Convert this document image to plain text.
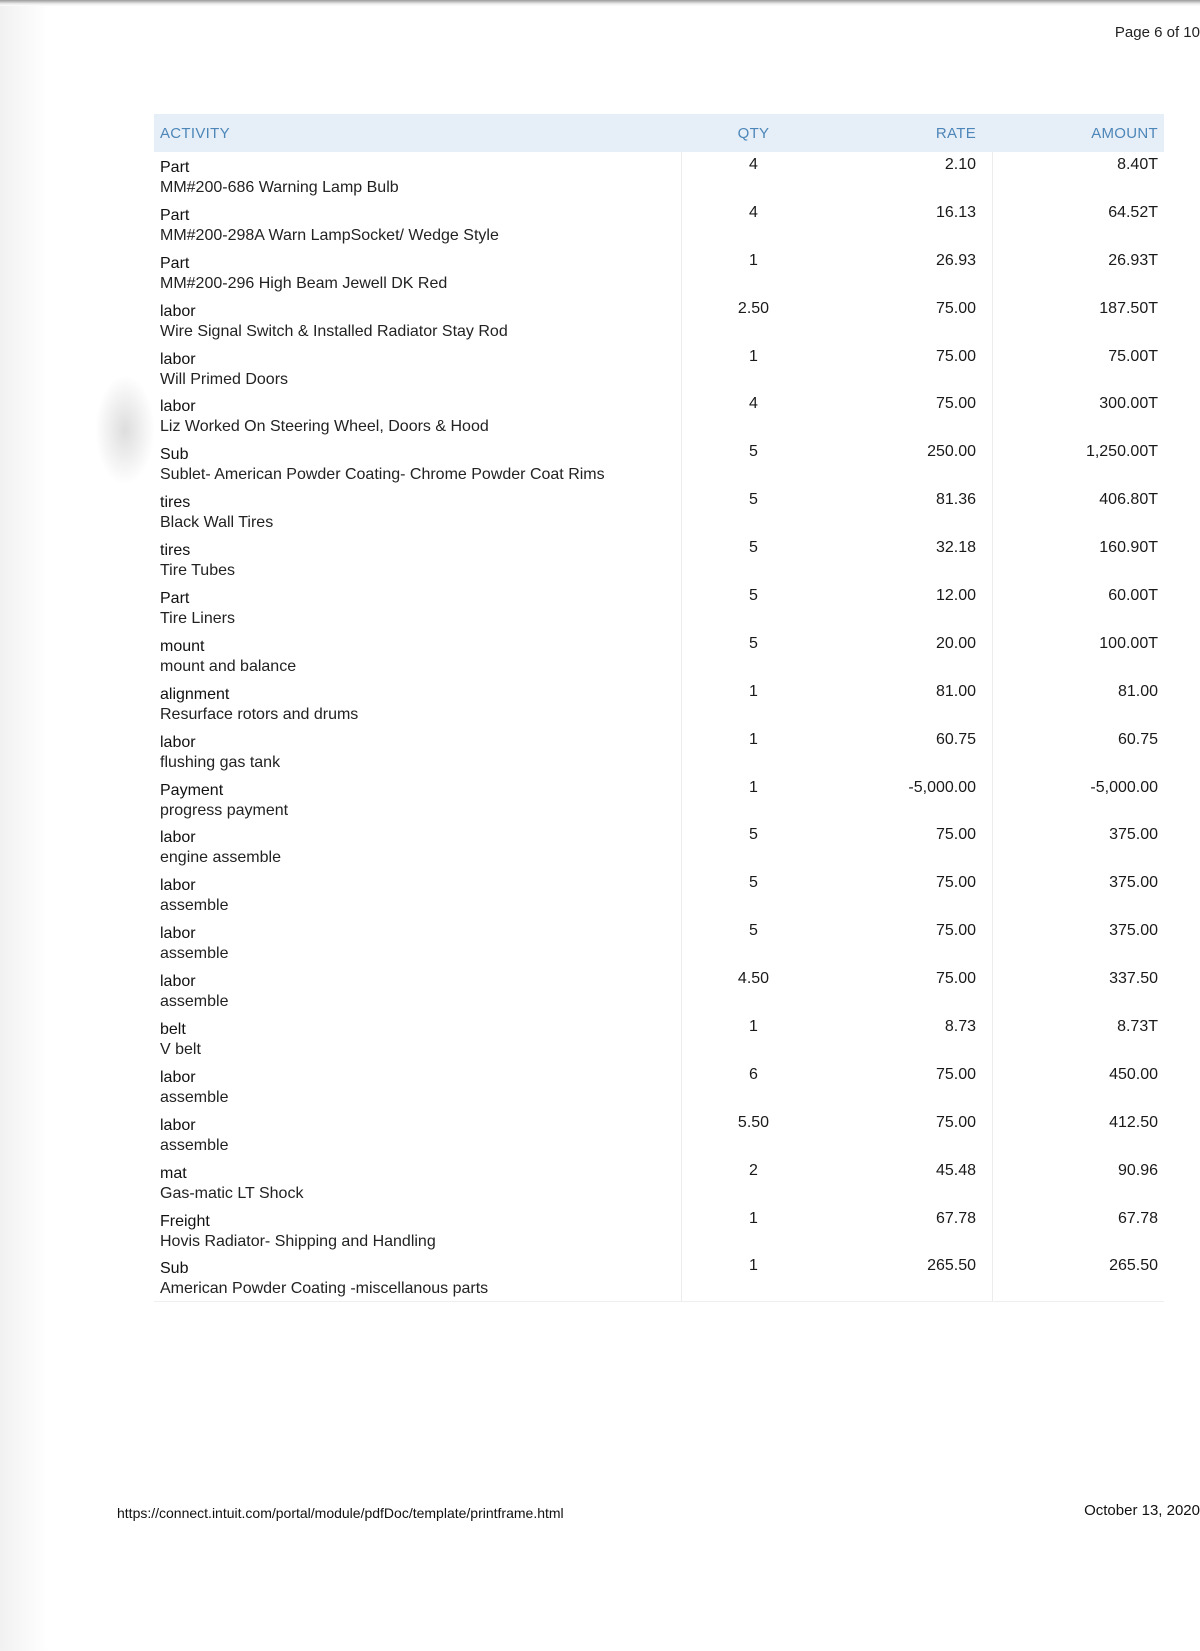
Page 6 of 10
ACTIVITY	QTY	RATE	AMOUNT
Part
MM#200-686 Warning Lamp Bulb
4	2.10	8.40T
Part
MM#200-298A Warn LampSocket/ Wedge Style
4	16.13	64.52T
Part
MM#200-296 High Beam Jewell DK Red
1	26.93	26.93T
labor
Wire Signal Switch & Installed Radiator Stay Rod
2.50	75.00	187.50T
labor
Will Primed Doors
1	75.00	75.00T
labor
Liz Worked On Steering Wheel, Doors & Hood
4	75.00	300.00T
Sub
Sublet- American Powder Coating- Chrome Powder Coat Rims
5	250.00	1,250.00T
tires
Black Wall Tires
5	81.36	406.80T
tires
Tire Tubes
5	32.18	160.90T
Part
Tire Liners
5	12.00	60.00T
mount
mount and balance
5	20.00	100.00T
alignment
Resurface rotors and drums
1	81.00	81.00
labor
flushing gas tank
1	60.75	60.75
Payment
progress payment
1	-5,000.00	-5,000.00
labor
engine assemble
5	75.00	375.00
labor
assemble
5	75.00	375.00
labor
assemble
5	75.00	375.00
labor
assemble
4.50	75.00	337.50
belt
V belt
1	8.73	8.73T
labor
assemble
6	75.00	450.00
labor
assemble
5.50	75.00	412.50
mat
Gas-matic LT Shock
2	45.48	90.96
Freight
Hovis Radiator- Shipping and Handling
1	67.78	67.78
Sub
American Powder Coating -miscellanous parts
1	265.50	265.50
https://connect.intuit.com/portal/module/pdfDoc/template/printframe.html	October 13, 2020
